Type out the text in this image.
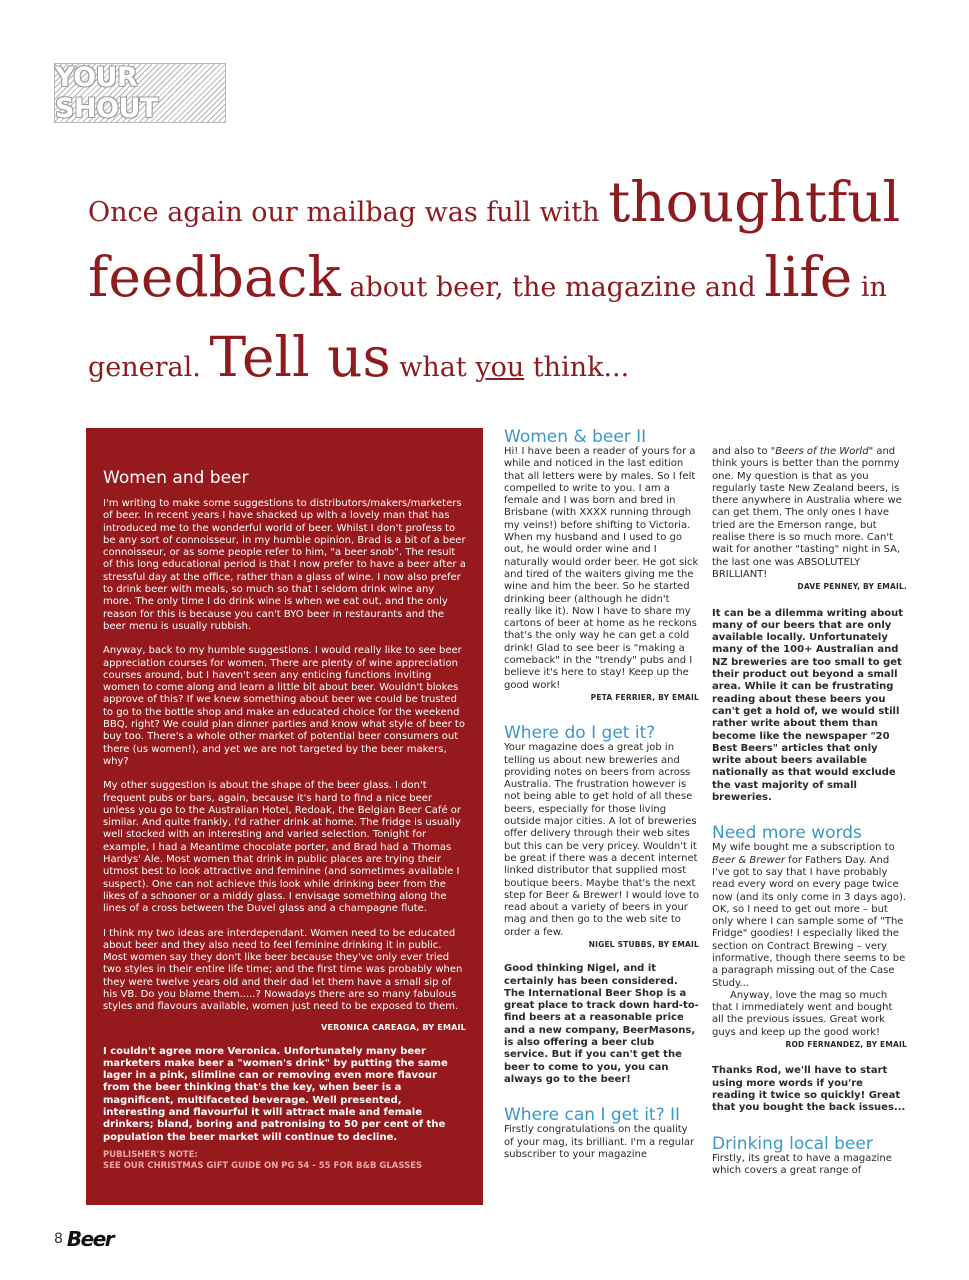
YOUR SHOUT
Once again our mailbag was full with thoughtful
feedback about beer, the magazine and life in
general. Tell us what you think...
Women and beer

I'm writing to make some suggestions to distributors/makers/marketers of beer. In recent years I have shacked up with a lovely man that has introduced me to the wonderful world of beer. Whilst I don't profess to be any sort of connoisseur, in my humble opinion, Brad is a bit of a beer connoisseur, or as some people refer to him, "a beer snob". The result of this long educational period is that I now prefer to have a beer after a stressful day at the office, rather than a glass of wine. I now also prefer to drink beer with meals, so much so that I seldom drink wine any more. The only time I do drink wine is when we eat out, and the only reason for this is because you can't BYO beer in restaurants and the beer menu is usually rubbish.

Anyway, back to my humble suggestions. I would really like to see beer appreciation courses for women. There are plenty of wine appreciation courses around, but I haven't seen any enticing functions inviting women to come along and learn a little bit about beer. Wouldn't blokes approve of this? If we knew something about beer we could be trusted to go to the bottle shop and make an educated choice for the weekend BBQ, right? We could plan dinner parties and know what style of beer to buy too. There's a whole other market of potential beer consumers out there (us women!), and yet we are not targeted by the beer makers, why?

My other suggestion is about the shape of the beer glass. I don't frequent pubs or bars, again, because it's hard to find a nice beer unless you go to the Australian Hotel, Redoak, the Belgian Beer Café or similar. And quite frankly, I'd rather drink at home. The fridge is usually well stocked with an interesting and varied selection. Tonight for example, I had a Meantime chocolate porter, and Brad had a Thomas Hardys' Ale. Most women that drink in public places are trying their utmost best to look attractive and feminine (and sometimes available I suspect). One can not achieve this look while drinking beer from the likes of a schooner or a middy glass. I envisage something along the lines of a cross between the Duvel glass and a champagne flute.

I think my two ideas are interdependant. Women need to be educated about beer and they also need to feel feminine drinking it in public. Most women say they don't like beer because they've only ever tried two styles in their entire life time; and the first time was probably when they were twelve years old and their dad let them have a small sip of his VB. Do you blame them.....? Nowadays there are so many fabulous styles and flavours available, women just need to be exposed to them.

VERONICA CAREAGA, BY EMAIL

I couldn't agree more Veronica. Unfortunately many beer marketers make beer a "women's drink" by putting the same lager in a pink, slimline can or removing even more flavour from the beer thinking that's the key, when beer is a magnificent, multifaceted beverage. Well presented, interesting and flavourful it will attract male and female drinkers; bland, boring and patronising to 50 per cent of the population the beer market will continue to decline.

PUBLISHER'S NOTE:
SEE OUR CHRISTMAS GIFT GUIDE ON PG 54 - 55 FOR B&B GLASSES
Women & beer II

Hi! I have been a reader of yours for a while and noticed in the last edition that all letters were by males. So I felt compelled to write to you. I am a female and I was born and bred in Brisbane (with XXXX running through my veins!) before shifting to Victoria. When my husband and I used to go out, he would order wine and I naturally would order beer. He got sick and tired of the waiters giving me the wine and him the beer. So he started drinking beer (although he didn't really like it). Now I have to share my cartons of beer at home as he reckons that's the only way he can get a cold drink! Glad to see beer is "making a comeback" in the "trendy" pubs and I believe it's here to stay! Keep up the good work!

PETA FERRIER, BY EMAIL
Where do I get it?

Your magazine does a great job in telling us about new breweries and providing notes on beers from across Australia. The frustration however is not being able to get hold of all these beers, especially for those living outside major cities. A lot of breweries offer delivery through their web sites but this can be very pricey. Wouldn't it be great if there was a decent internet linked distributor that supplied most boutique beers. Maybe that's the next step for Beer & Brewer! I would love to read about a variety of beers in your mag and then go to the web site to order a few.

NIGEL STUBBS, BY EMAIL

Good thinking Nigel, and it certainly has been considered. The International Beer Shop is a great place to track down hard-to-find beers at a reasonable price and a new company, BeerMasons, is also offering a beer club service. But if you can't get the beer to come to you, you can always go to the beer!

Where can I get it? II

Firstly congratulations on the quality of your mag, its brilliant. I'm a regular subscriber to your magazine

and also to "Beers of the World" and think yours is better than the pommy one. My question is that as you regularly taste New Zealand beers, is there anywhere in Australia where we can get them. The only ones I have tried are the Emerson range, but realise there is so much more. Can't wait for another "tasting" night in SA, the last one was ABSOLUTELY BRILLIANT!

DAVE PENNEY, BY EMAIL.

It can be a dilemma writing about many of our beers that are only available locally. Unfortunately many of the 100+ Australian and NZ breweries are too small to get their product out beyond a small area. While it can be frustrating reading about these beers you can't get a hold of, we would still rather write about them than become like the newspaper "20 Best Beers" articles that only write about beers available nationally as that would exclude the vast majority of small breweries.

Need more words

My wife bought me a subscription to Beer & Brewer for Fathers Day. And I've got to say that I have probably read every word on every page twice now (and its only come in 3 days ago). OK, so I need to get out more – but only where I can sample some of "The Fridge" goodies! I especially liked the section on Contract Brewing – very informative, though there seems to be a paragraph missing out of the Case Study...

Anyway, love the mag so much that I immediately went and bought all the previous issues. Great work guys and keep up the good work!

ROD FERNANDEZ, BY EMAIL

Thanks Rod, we'll have to start using more words if you're reading it twice so quickly! Great that you bought the back issues...

Drinking local beer

Firstly, its great to have a magazine which covers a great range of

8 Beer
